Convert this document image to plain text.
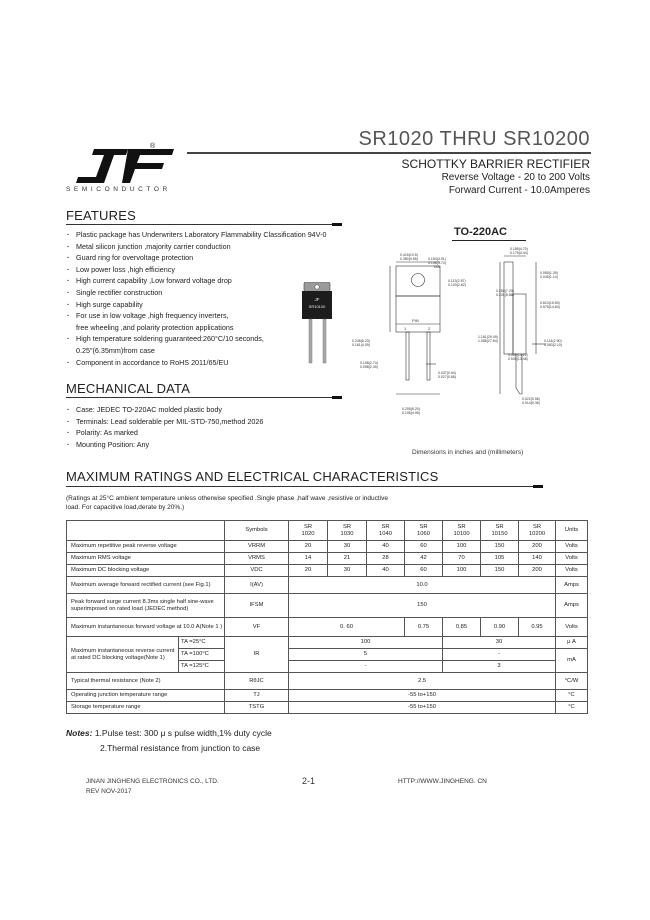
®
SEMICONDUCTOR
SR1020 THRU SR10200
SCHOTTKY BARRIER RECTIFIER
Reverse Voltage - 20 to 200 Volts
Forward Current - 10.0Amperes
FEATURES
· Plastic package has Underwriters Laboratory Flammability Classification 94V-0
· Metal silicon junction ,majority carrier conduction
· Guard ring for overvoltage protection
· Low power loss ,high efficiency
· High current capability ,Low forward voltage drop
· Single rectifier construction
· High surge capability
· For use in low voltage ,high frequency inverters,
free wheeling ,and polarity protection applications
· High temperature soldering guaranteed:260°C/10 seconds,
0.25"(6.35mm)from case
· Component in accordance to RoHS 2011/65/EU
JF
SR10100
TO-220AC
PIN
1	2
0.185(4.70)
0.175(4.44)
0.415(10.5)
0.380(9.65)	0.154(3.91)
0.148(3.74)
DIA
0.113(2.87)
0.103(2.62)
0.055(1.39)
0.045(1.14)
0.250(7.20)
0.231(5.86)
0.245(6.23)
0.161(4.09)
0.610(15.50)
0.575(14.60)
0.108(2.74)
0.098(2.49)
1.161(29.49)
1.088(27.64)
0.560(14.22)
0.530(13.48)
0.114(2.90)
0.083(2.10)
0.037(0.94)
0.027(0.68)
0.022(0.56)
0.014(0.36)
0.205(5.20)
0.195(4.95)
MECHANICAL DATA
· Case: JEDEC TO-220AC molded plastic body
· Terminals: Lead solderable per MIL-STD-750,method 2026
· Polarity: As marked
· Mounting Position: Any
Dimensions in inches and (millimeters)
MAXIMUM RATINGS AND ELECTRICAL CHARACTERISTICS
(Ratings at 25°C ambient temperature unless otherwise specified .Single phase ,half wave ,resistive or inductive
load. For capacitive load,derate by 20%.)
		Symbols	SR
1020	SR
1030	SR
1040	SR
1060	SR
10100	SR
10150	SR
10200	Units
Maximum repetitive peak reverse voltage		VRRM	20	30	40	60	100	150	200	Volts
Maximum RMS voltage		VRMS	14	21	28	42	70	105	140	Volts
Maximum DC blocking voltage		VDC	20	30	40	60	100	150	200	Volts
Maximum average forward rectified current (see Fig.1)		I(AV)	10.0							Amps
Peak forward surge current 8.3ms single half sine-wave superimposed on rated load (JEDEC method)		IFSM	150							Amps
Maximum instantaneous forward voltage at 10.0 A(Note 1 )		VF	0. 60			0.75	0.85	0.90	0.95	Volts
Maximum instantaneous reverse current at rated DC blocking voltage(Note 1)	TA =25°C	IR	100				30			μ A
	TA =100°C		5				-			mA
	TA =125°C		-				3			
Typical thermal resistance (Note 2)		RθJC	2.5							°C/W
Operating junction temperature range		TJ	-55 to+150							°C
Storage temperature range		TSTG	-55 to+150							°C
Notes: 1.Pulse test: 300 μ s pulse width,1% duty cycle
2.Thermal resistance from junction to case
JINAN JINGHENG ELECTRONICS CO., LTD.
REV NOV-2017
2-1	HTTP://WWW.JINGHENG. CN
